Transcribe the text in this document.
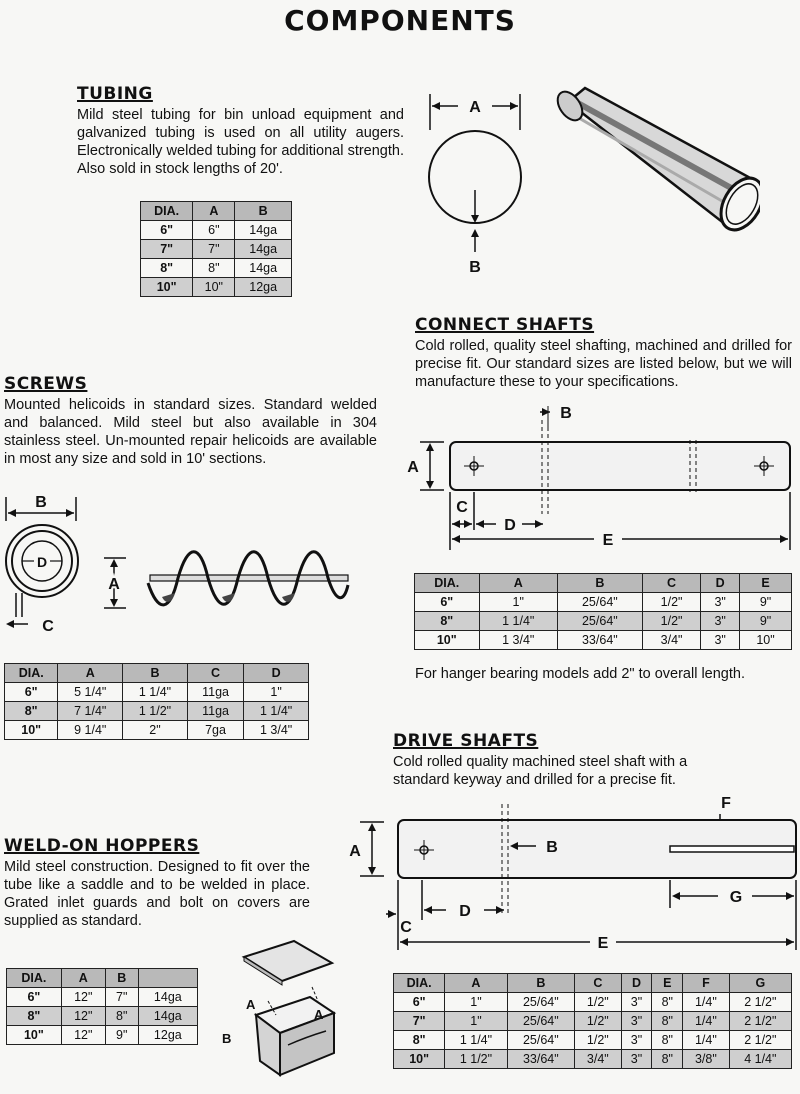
COMPONENTS
TUBING
Mild steel tubing for bin unload equipment and galvanized tubing is used on all utility augers. Electronically welded tubing for additional strength. Also sold in stock lengths of 20'.
DIA.	A	B
6"	6"	14ga
7"	7"	14ga
8"	8"	14ga
10"	10"	12ga
A
B
SCREWS
Mounted helicoids in standard sizes. Standard welded and balanced. Mild steel but also available in 304 stainless steel. Un-mounted repair helicoids are available in most any size and sold in 10' sections.
B
D
C
A
DIA.	A	B	C	D
6"	5 1/4"	1 1/4"	11ga	1"
8"	7 1/4"	1 1/2"	11ga	1 1/4"
10"	9 1/4"	2"	7ga	1 3/4"
WELD-ON HOPPERS
Mild steel construction. Designed to fit over the tube like a saddle and to be welded in place. Grated inlet guards and bolt on covers are supplied as standard.
DIA.	A	B	
6"	12"	7"	14ga
8"	12"	8"	14ga
10"	12"	9"	12ga
A
A
B
CONNECT SHAFTS
Cold rolled, quality steel shafting, machined and drilled for precise fit. Our standard sizes are listed below, but we will manufacture these to your specifications.
B
A
C
D
E
DIA.	A	B	C	D	E
6"	1"	25/64"	1/2"	3"	9"
8"	1 1/4"	25/64"	1/2"	3"	9"
10"	1 3/4"	33/64"	3/4"	3"	10"
For hanger bearing models add 2" to overall length.
DRIVE SHAFTS
Cold rolled quality machined steel shaft with a standard keyway and drilled for a precise fit.
F
A	B
D
G
C
E
DIA.	A	B	C	D	E	F	G
6"	1"	25/64"	1/2"	3"	8"	1/4"	2 1/2"
7"	1"	25/64"	1/2"	3"	8"	1/4"	2 1/2"
8"	1 1/4"	25/64"	1/2"	3"	8"	1/4"	2 1/2"
10"	1 1/2"	33/64"	3/4"	3"	8"	3/8"	4 1/4"
